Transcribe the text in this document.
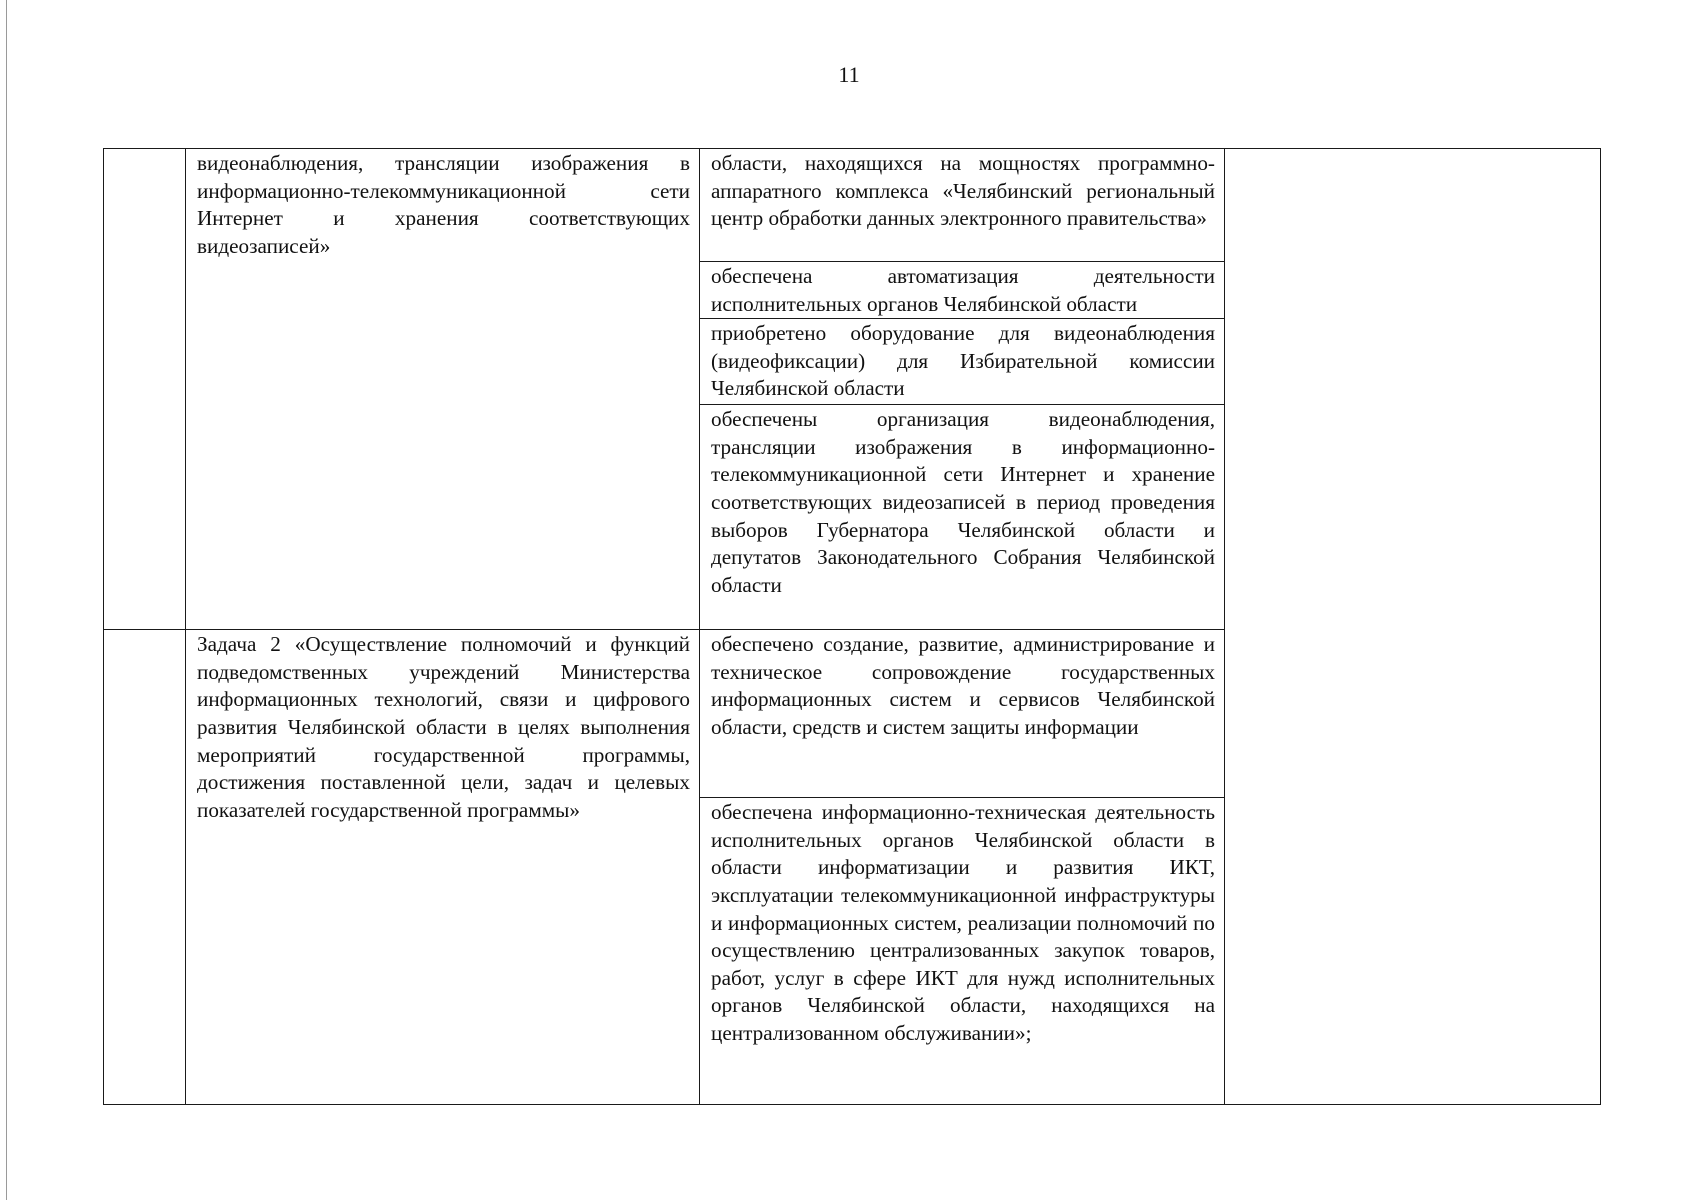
11
	видеонаблюдения, трансляции изображения в информационно-телекоммуникационной сети Интернет и хранения соответствующих видеозаписей»	области, находящихся на мощностях программно-аппаратного комплекса «Челябинский региональный центр обработки данных электронного правительства»	
		обеспечена автоматизация деятельности исполнительных органов Челябинской области	
		приобретено оборудование для видеонаблюдения (видеофиксации) для Избирательной комиссии Челябинской области	
		обеспечены организация видеонаблюдения, трансляции изображения в информационно-телекоммуникационной сети Интернет и хранение соответствующих видеозаписей в период проведения выборов Губернатора Челябинской области и депутатов Законодательного Собрания Челябинской области	
	Задача 2 «Осуществление полномочий и функций подведомственных учреждений Министерства информационных технологий, связи и цифрового развития Челябинской области в целях выполнения мероприятий государственной программы, достижения поставленной цели, задач и целевых показателей государственной программы»	обеспечено создание, развитие, администрирование и техническое сопровождение государственных информационных систем и сервисов Челябинской области, средств и систем защиты информации	
		обеспечена информационно-техническая деятельность исполнительных органов Челябинской области в области информатизации и развития ИКТ, эксплуатации телекоммуникационной инфраструктуры и информационных систем, реализации полномочий по осуществлению централизованных закупок товаров, работ, услуг в сфере ИКТ для нужд исполнительных органов Челябинской области, находящихся на централизованном обслуживании»;	
